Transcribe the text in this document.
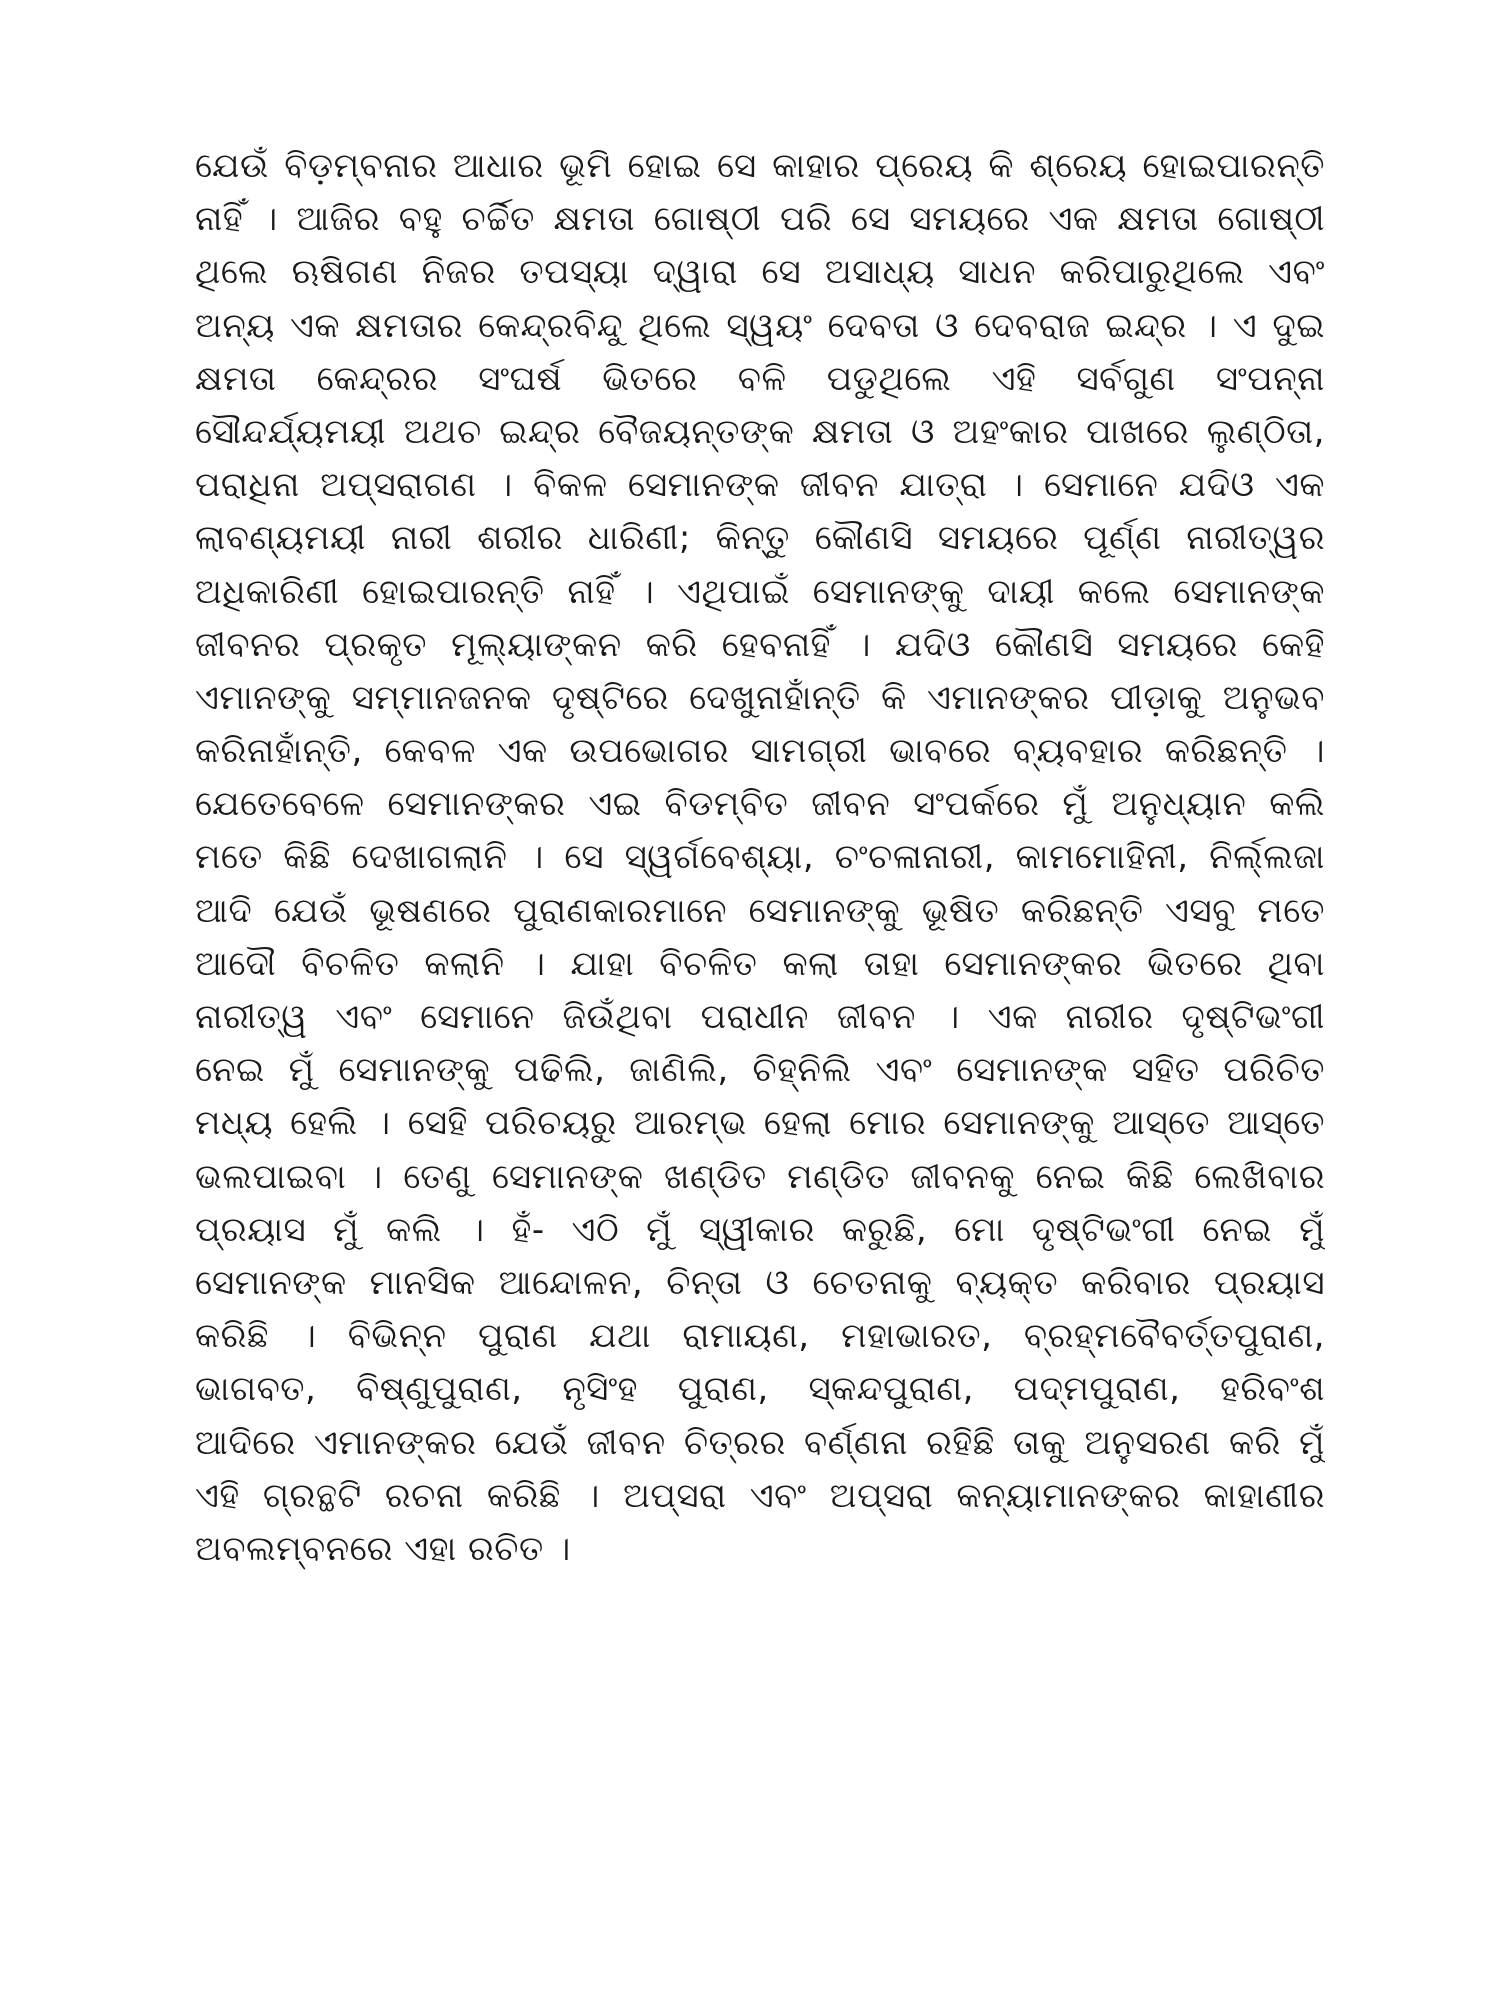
ଯେଉଁ ବିଡ଼ମ୍ବନାର ଆଧାର ଭୂମି ହୋଇ ସେ କାହାର ପ୍ରେୟ କି ଶ୍ରେୟ ହୋଇପାରନ୍ତି
ନାହିଁ । ଆଜିର ବହୁ ଚର୍ଚ୍ଚିତ କ୍ଷମତା ଗୋଷ୍ଠୀ ପରି ସେ ସମୟରେ ଏକ କ୍ଷମତା ଗୋଷ୍ଠୀ
ଥିଲେ ଋଷିଗଣ ନିଜର ତପସ୍ୟା ଦ୍ୱାରା ସେ ଅସାଧ୍ୟ ସାଧନ କରିପାରୁଥିଲେ ଏବଂ
ଅନ୍ୟ ଏକ କ୍ଷମତାର କେନ୍ଦ୍ରବିନ୍ଦୁ ଥିଲେ ସ୍ୱୟଂ ଦେବତା ଓ ଦେବରାଜ ଇନ୍ଦ୍ର । ଏ ଦୁଇ
କ୍ଷମତା କେନ୍ଦ୍ରର ସଂଘର୍ଷ ଭିତରେ ବଳି ପଡୁଥିଲେ ଏହି ସର୍ବଗୁଣ ସଂପନ୍ନା
ସୌନ୍ଦର୍ଯ୍ୟମୟୀ ଅଥଚ ଇନ୍ଦ୍ର ବୈଜୟନ୍ତଙ୍କ କ୍ଷମତା ଓ ଅହଂକାର ପାଖରେ ଲୁଣ୍ଠିତା,
ପରାଧିନା ଅପ୍ସରାଗଣ । ବିକଳ ସେମାନଙ୍କ ଜୀବନ ଯାତ୍ରା । ସେମାନେ ଯଦିଓ ଏକ
ଲାବଣ୍ୟମୟୀ ନାରୀ ଶରୀର ଧାରିଣୀ; କିନ୍ତୁ କୌଣସି ସମୟରେ ପୂର୍ଣ୍ଣ ନାରୀତ୍ୱର
ଅଧିକାରିଣୀ ହୋଇପାରନ୍ତି ନାହିଁ । ଏଥିପାଇଁ ସେମାନଙ୍କୁ ଦାୟୀ କଲେ ସେମାନଙ୍କ
ଜୀବନର ପ୍ରକୃତ ମୂଲ୍ୟାଙ୍କନ କରି ହେବନାହିଁ । ଯଦିଓ କୌଣସି ସମୟରେ କେହି
ଏମାନଙ୍କୁ ସମ୍ମାନଜନକ ଦୃଷ୍ଟିରେ ଦେଖୁନାହାଁନ୍ତି କି ଏମାନଙ୍କର ପୀଡ଼ାକୁ ଅନୁଭବ
କରିନାହାଁନ୍ତି, କେବଳ ଏକ ଉପଭୋଗର ସାମଗ୍ରୀ ଭାବରେ ବ୍ୟବହାର କରିଛନ୍ତି ।
ଯେତେବେଳେ ସେମାନଙ୍କର ଏଇ ବିଡମ୍ବିତ ଜୀବନ ସଂପର୍କରେ ମୁଁ ଅନୁଧ୍ୟାନ କଲି
ମତେ କିଛି ଦେଖାଗଲାନି । ସେ ସ୍ୱର୍ଗବେଶ୍ୟା, ଚଂଚଳାନାରୀ, କାମମୋହିନୀ, ନିର୍ଲ୍ଲଜା
ଆଦି ଯେଉଁ ଭୂଷଣରେ ପୁରାଣକାରମାନେ ସେମାନଙ୍କୁ ଭୂଷିତ କରିଛନ୍ତି ଏସବୁ ମତେ
ଆଦୌ ବିଚଳିତ କଲାନି । ଯାହା ବିଚଳିତ କଲା ତାହା ସେମାନଙ୍କର ଭିତରେ ଥିବା
ନାରୀତ୍ୱ ଏବଂ ସେମାନେ ଜିଉଁଥିବା ପରାଧୀନ ଜୀବନ । ଏକ ନାରୀର ଦୃଷ୍ଟିଭଂଗୀ
ନେଇ ମୁଁ ସେମାନଙ୍କୁ ପଢିଲି, ଜାଣିଲି, ଚିହ୍ନିଲି ଏବଂ ସେମାନଙ୍କ ସହିତ ପରିଚିତ
ମଧ୍ୟ ହେଲି । ସେହି ପରିଚୟରୁ ଆରମ୍ଭ ହେଲା ମୋର ସେମାନଙ୍କୁ ଆସ୍ତେ ଆସ୍ତେ
ଭଲପାଇବା । ତେଣୁ ସେମାନଙ୍କ ଖଣ୍ଡିତ ମଣ୍ଡିତ ଜୀବନକୁ ନେଇ କିଛି ଲେଖିବାର
ପ୍ରୟାସ ମୁଁ କଲି । ହଁ- ଏଠି ମୁଁ ସ୍ୱୀକାର କରୁଛି, ମୋ ଦୃଷ୍ଟିଭଂଗୀ ନେଇ ମୁଁ
ସେମାନଙ୍କ ମାନସିକ ଆନ୍ଦୋଳନ, ଚିନ୍ତା ଓ ଚେତନାକୁ ବ୍ୟକ୍ତ କରିବାର ପ୍ରୟାସ
କରିଛି । ବିଭିନ୍ନ ପୁରାଣ ଯଥା ରାମାୟଣ, ମହାଭାରତ, ବ୍ରହ୍ମବୈବର୍ତ୍ତପୁରାଣ,
ଭାଗବତ, ବିଷ୍ଣୁପୁରାଣ, ନୃସିଂହ ପୁରାଣ, ସ୍କନ୍ଦପୁରାଣ, ପଦ୍ମପୁରାଣ, ହରିବଂଶ
ଆଦିରେ ଏମାନଙ୍କର ଯେଉଁ ଜୀବନ ଚିତ୍ରର ବର୍ଣ୍ଣନା ରହିଛି ତାକୁ ଅନୁସରଣ କରି ମୁଁ
ଏହି ଗ୍ରନ୍ଥଟି ରଚନା କରିଛି । ଅପ୍ସରା ଏବଂ ଅପ୍ସରା କନ୍ୟାମାନଙ୍କର କାହାଣୀର
ଅବଲମ୍ବନରେ ଏହା ରଚିତ ।
